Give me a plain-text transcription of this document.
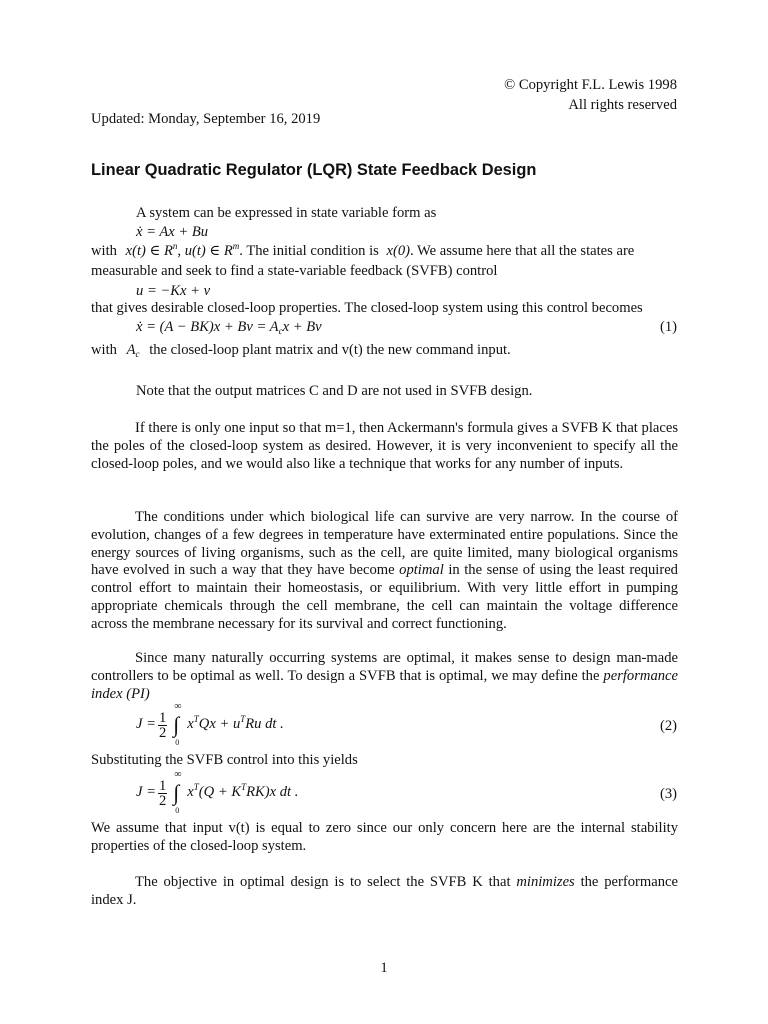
© Copyright F.L. Lewis 1998
All rights reserved
Updated: Monday, September 16, 2019
Linear Quadratic Regulator (LQR) State Feedback Design
A system can be expressed in state variable form as
ẋ = Ax + Bu
with x(t) ∈ $R^n$, u(t) ∈ $R^m$. The initial condition is x(0). We assume here that all the states are
measurable and seek to find a state-variable feedback (SVFB) control
u = −Kx + v
that gives desirable closed-loop properties. The closed-loop system using this control becomes
ẋ = $(A - BK)x + Bv = A_cx + Bv$	(1)
with $A_c$ the closed-loop plant matrix and v(t) the new command input.
Note that the output matrices C and D are not used in SVFB design.
If there is only one input so that m=1, then Ackermann's formula gives a SVFB K that places the poles of the closed-loop system as desired. However, it is very inconvenient to specify all the closed-loop poles, and we would also like a technique that works for any number of inputs.
The conditions under which biological life can survive are very narrow. In the course of evolution, changes of a few degrees in temperature have exterminated entire populations. Since the energy sources of living organisms, such as the cell, are quite limited, many biological organisms have evolved in such a way that they have become optimal in the sense of using the least required control effort to maintain their homeostasis, or equilibrium. With very little effort in pumping appropriate chemicals through the cell membrane, the cell can maintain the voltage difference across the membrane necessary for its survival and correct functioning.
Since many naturally occurring systems are optimal, it makes sense to design man-made controllers to be optimal as well. To design a SVFB that is optimal, we may define the performance index (PI)
$J = \frac{1}{2}$
∞
∫
0
$x^TQx + u^TRu$ dt .	(2)
Substituting the SVFB control into this yields
$J = \frac{1}{2}$
∞
∫
0
$x^T(Q + K^TRK)x$ dt .	(3)
We assume that input v(t) is equal to zero since our only concern here are the internal stability properties of the closed-loop system.
The objective in optimal design is to select the SVFB K that minimizes the performance index J.
1
